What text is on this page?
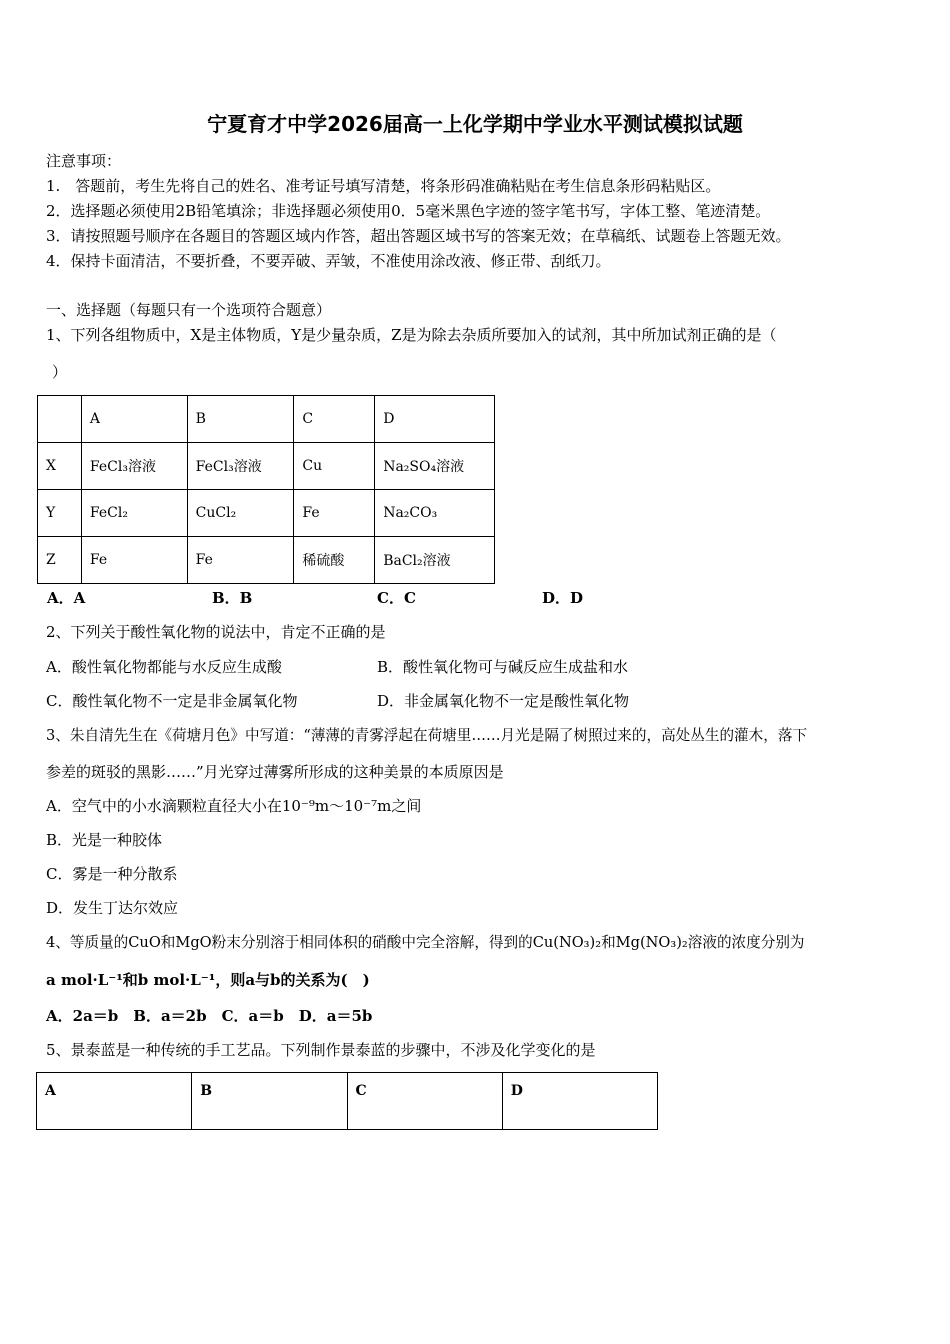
宁夏育才中学2026届高一上化学期中学业水平测试模拟试题
注意事项：
1.　答题前，考生先将自己的姓名、准考证号填写清楚，将条形码准确粘贴在考生信息条形码粘贴区。
2．选择题必须使用2B铅笔填涂；非选择题必须使用0．5毫米黑色字迹的签字笔书写，字体工整、笔迹清楚。
3．请按照题号顺序在各题目的答题区域内作答，超出答题区域书写的答案无效；在草稿纸、试题卷上答题无效。
4．保持卡面清洁，不要折叠，不要弄破、弄皱，不准使用涂改液、修正带、刮纸刀。
一、选择题（每题只有一个选项符合题意）
1、下列各组物质中，X是主体物质，Y是少量杂质，Z是为除去杂质所要加入的试剂，其中所加试剂正确的是（
）
	A	B	C	D
X	FeCl₃溶液	FeCl₃溶液	Cu	Na₂SO₄溶液
Y	FeCl₂	CuCl₂	Fe	Na₂CO₃
Z	Fe	Fe	稀硫酸	BaCl₂溶液
A．A	B．B	C．C	D．D
2、下列关于酸性氧化物的说法中，肯定不正确的是
A．酸性氧化物都能与水反应生成酸	B．酸性氧化物可与碱反应生成盐和水
C．酸性氧化物不一定是非金属氧化物	D．非金属氧化物不一定是酸性氧化物
3、朱自清先生在《荷塘月色》中写道：“薄薄的青雾浮起在荷塘里……月光是隔了树照过来的，高处丛生的灌木，落下
参差的斑驳的黑影……”月光穿过薄雾所形成的这种美景的本质原因是
A．空气中的小水滴颗粒直径大小在10⁻⁹m～10⁻⁷m之间
B．光是一种胶体
C．雾是一种分散系
D．发生丁达尔效应
4、等质量的CuO和MgO粉末分别溶于相同体积的硝酸中完全溶解，得到的Cu(NO₃)₂和Mg(NO₃)₂溶液的浓度分别为
a mol·L⁻¹和b mol·L⁻¹，则a与b的关系为(　)
A．2a＝b　B．a＝2b　C．a＝b　D．a＝5b
5、景泰蓝是一种传统的手工艺品。下列制作景泰蓝的步骤中，不涉及化学变化的是
A	B	C	D
